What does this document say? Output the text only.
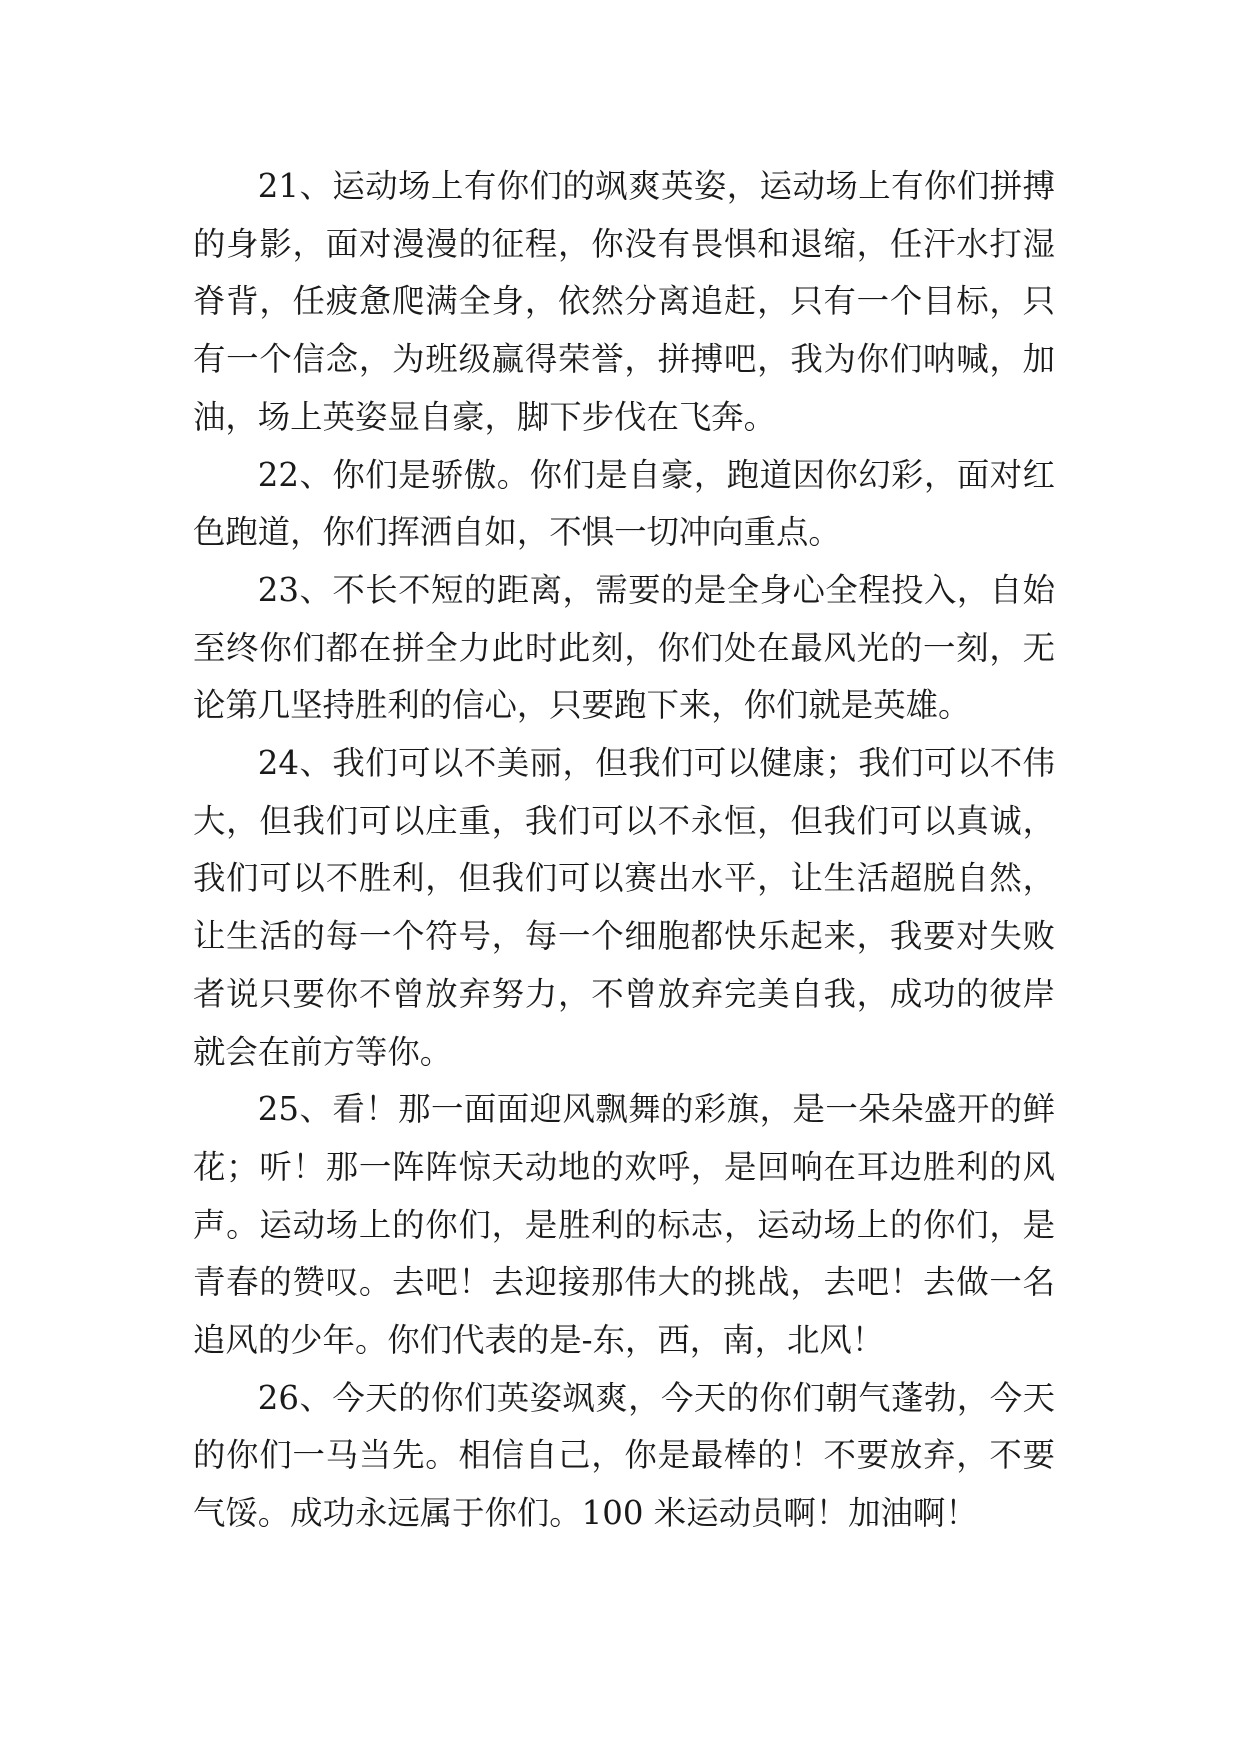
21、运动场上有你们的飒爽英姿，运动场上有你们拼搏的身影，面对漫漫的征程，你没有畏惧和退缩，任汗水打湿脊背，任疲惫爬满全身，依然分离追赶，只有一个目标，只有一个信念，为班级赢得荣誉，拼搏吧，我为你们呐喊，加油，场上英姿显自豪，脚下步伐在飞奔。

22、你们是骄傲。你们是自豪，跑道因你幻彩，面对红色跑道，你们挥洒自如，不惧一切冲向重点。

23、不长不短的距离，需要的是全身心全程投入，自始至终你们都在拼全力此时此刻，你们处在最风光的一刻，无论第几坚持胜利的信心，只要跑下来，你们就是英雄。

24、我们可以不美丽，但我们可以健康；我们可以不伟大，但我们可以庄重，我们可以不永恒，但我们可以真诚，我们可以不胜利，但我们可以赛出水平，让生活超脱自然，让生活的每一个符号，每一个细胞都快乐起来，我要对失败者说只要你不曾放弃努力，不曾放弃完美自我，成功的彼岸就会在前方等你。

25、看！那一面面迎风飘舞的彩旗，是一朵朵盛开的鲜花；听！那一阵阵惊天动地的欢呼，是回响在耳边胜利的风声。运动场上的你们，是胜利的标志，运动场上的你们，是青春的赞叹。去吧！去迎接那伟大的挑战，去吧！去做一名追风的少年。你们代表的是-东，西，南，北风！

26、今天的你们英姿飒爽，今天的你们朝气蓬勃，今天的你们一马当先。相信自己，你是最棒的！不要放弃，不要气馁。成功永远属于你们。100 米运动员啊！加油啊！
